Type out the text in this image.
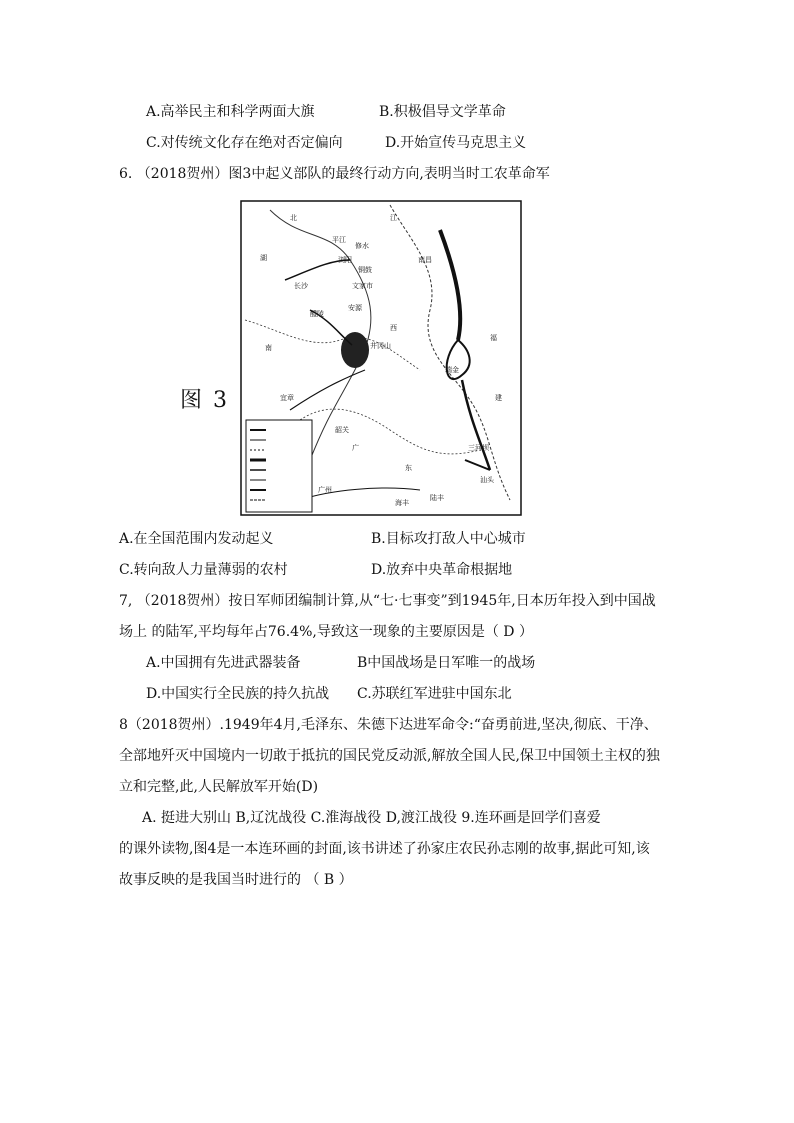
A.高举民主和科学两面大旗	B.积极倡导文学革命
C.对传统文化存在绝对否定偏向	D.开始宣传马克思主义
6. （2018贺州）图3中起义部队的最终行动方向,表明当时工农革命军
图 3
平江
修水
浏阳
铜鼓
长沙	文家市
安源
醴陵
南昌
井冈山
瑞金
三河坝
汕头
广州
海丰
陆丰
韶关
宜章
江
西
广
东
湖
南
北
福
建
A.在全国范围内发动起义	B.目标攻打敌人中心城市
C.转向敌人力量薄弱的农村	D.放弃中央革命根据地
7, （2018贺州）按日军师团编制计算,从“七·七事变”到1945年,日本历年投入到中国战
场上 的陆军,平均每年占76.4%,导致这一现象的主要原因是（ D ）
A.中国拥有先进武器装备	B中国战场是日军唯一的战场
D.中国实行全民族的持久抗战 C.苏联红军进驻中国东北
8（2018贺州）.1949年4月,毛泽东、朱德下达进军命令:“奋勇前进,坚决,彻底、干净、
全部地歼灭中国境内一切敢于抵抗的国民党反动派,解放全国人民,保卫中国领土主权的独
立和完整,此,人民解放军开始(D)
A. 挺进大别山 B,辽沈战役 C.淮海战役 D,渡江战役 9.连环画是回学们喜爱
的课外读物,图4是一本连环画的封面,该书讲述了孙家庄农民孙志刚的故事,据此可知,该
故事反映的是我国当时进行的 （ B ）
